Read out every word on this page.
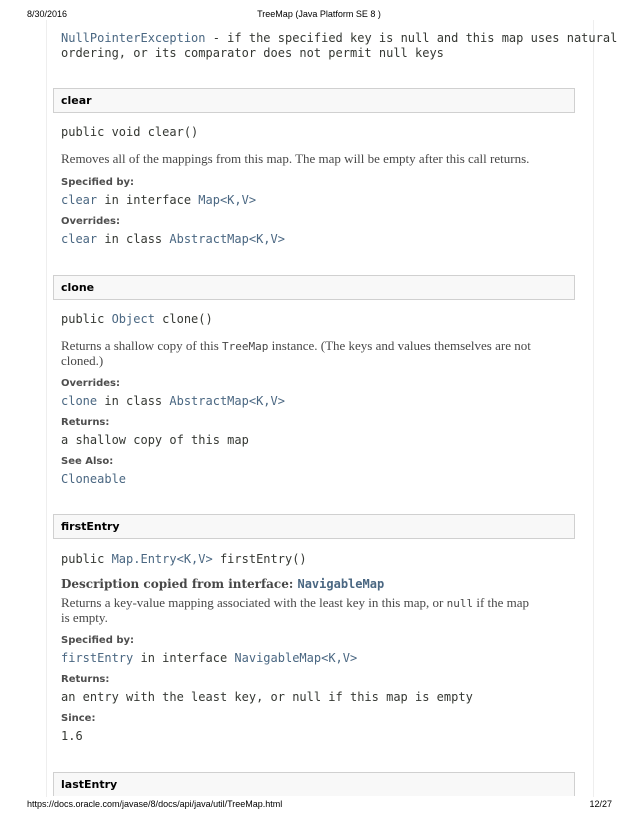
8/30/2016	TreeMap (Java Platform SE 8 )
NullPointerException - if the specified key is null and this map uses natural
ordering, or its comparator does not permit null keys
clear
public void clear()
Removes all of the mappings from this map. The map will be empty after this call returns.
Specified by:
clear in interface Map<K,V>
Overrides:
clear in class AbstractMap<K,V>
clone
public Object clone()
Returns a shallow copy of this TreeMap instance. (The keys and values themselves are not
cloned.)
Overrides:
clone in class AbstractMap<K,V>
Returns:
a shallow copy of this map
See Also:
Cloneable
firstEntry
public Map.Entry<K,V> firstEntry()
Description copied from interface: NavigableMap
Returns a key-value mapping associated with the least key in this map, or null if the map
is empty.
Specified by:
firstEntry in interface NavigableMap<K,V>
Returns:
an entry with the least key, or null if this map is empty
Since:
1.6
lastEntry
https://docs.oracle.com/javase/8/docs/api/java/util/TreeMap.html	12/27
